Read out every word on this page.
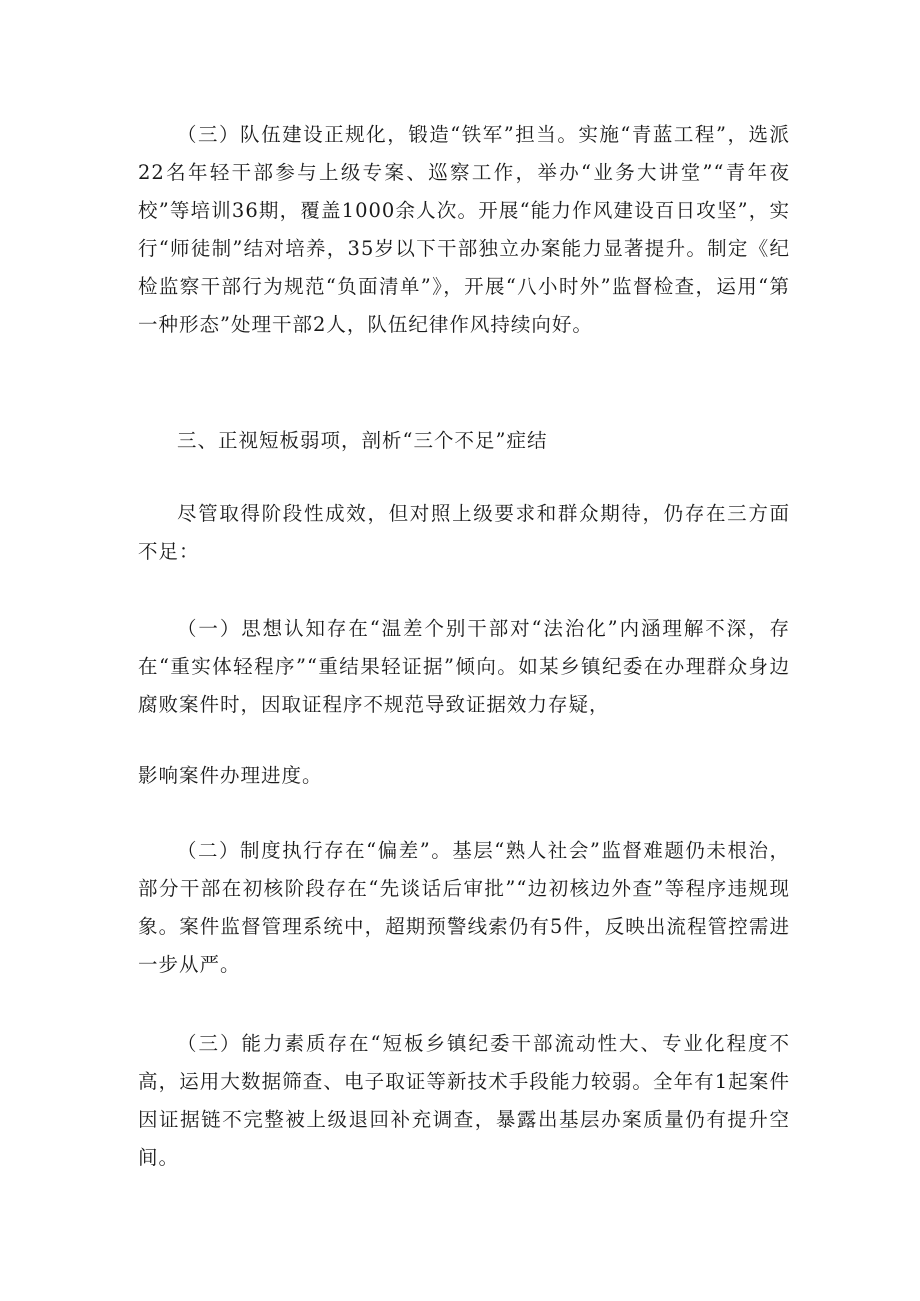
（三）队伍建设正规化，锻造“铁军”担当。实施“青蓝工程”，选派22名年轻干部参与上级专案、巡察工作，举办“业务大讲堂”“青年夜校”等培训36期，覆盖1000余人次。开展“能力作风建设百日攻坚”，实行“师徒制”结对培养，35岁以下干部独立办案能力显著提升。制定《纪检监察干部行为规范“负面清单”》，开展“八小时外”监督检查，运用“第一种形态”处理干部2人，队伍纪律作风持续向好。

三、正视短板弱项，剖析“三个不足”症结

尽管取得阶段性成效，但对照上级要求和群众期待，仍存在三方面不足：

（一）思想认知存在“温差个别干部对“法治化”内涵理解不深，存在“重实体轻程序”“重结果轻证据”倾向。如某乡镇纪委在办理群众身边腐败案件时，因取证程序不规范导致证据效力存疑，

影响案件办理进度。

（二）制度执行存在“偏差”。基层“熟人社会”监督难题仍未根治，部分干部在初核阶段存在“先谈话后审批”“边初核边外查”等程序违规现象。案件监督管理系统中，超期预警线索仍有5件，反映出流程管控需进一步从严。

（三）能力素质存在“短板乡镇纪委干部流动性大、专业化程度不高，运用大数据筛查、电子取证等新技术手段能力较弱。全年有1起案件因证据链不完整被上级退回补充调查，暴露出基层办案质量仍有提升空间。
